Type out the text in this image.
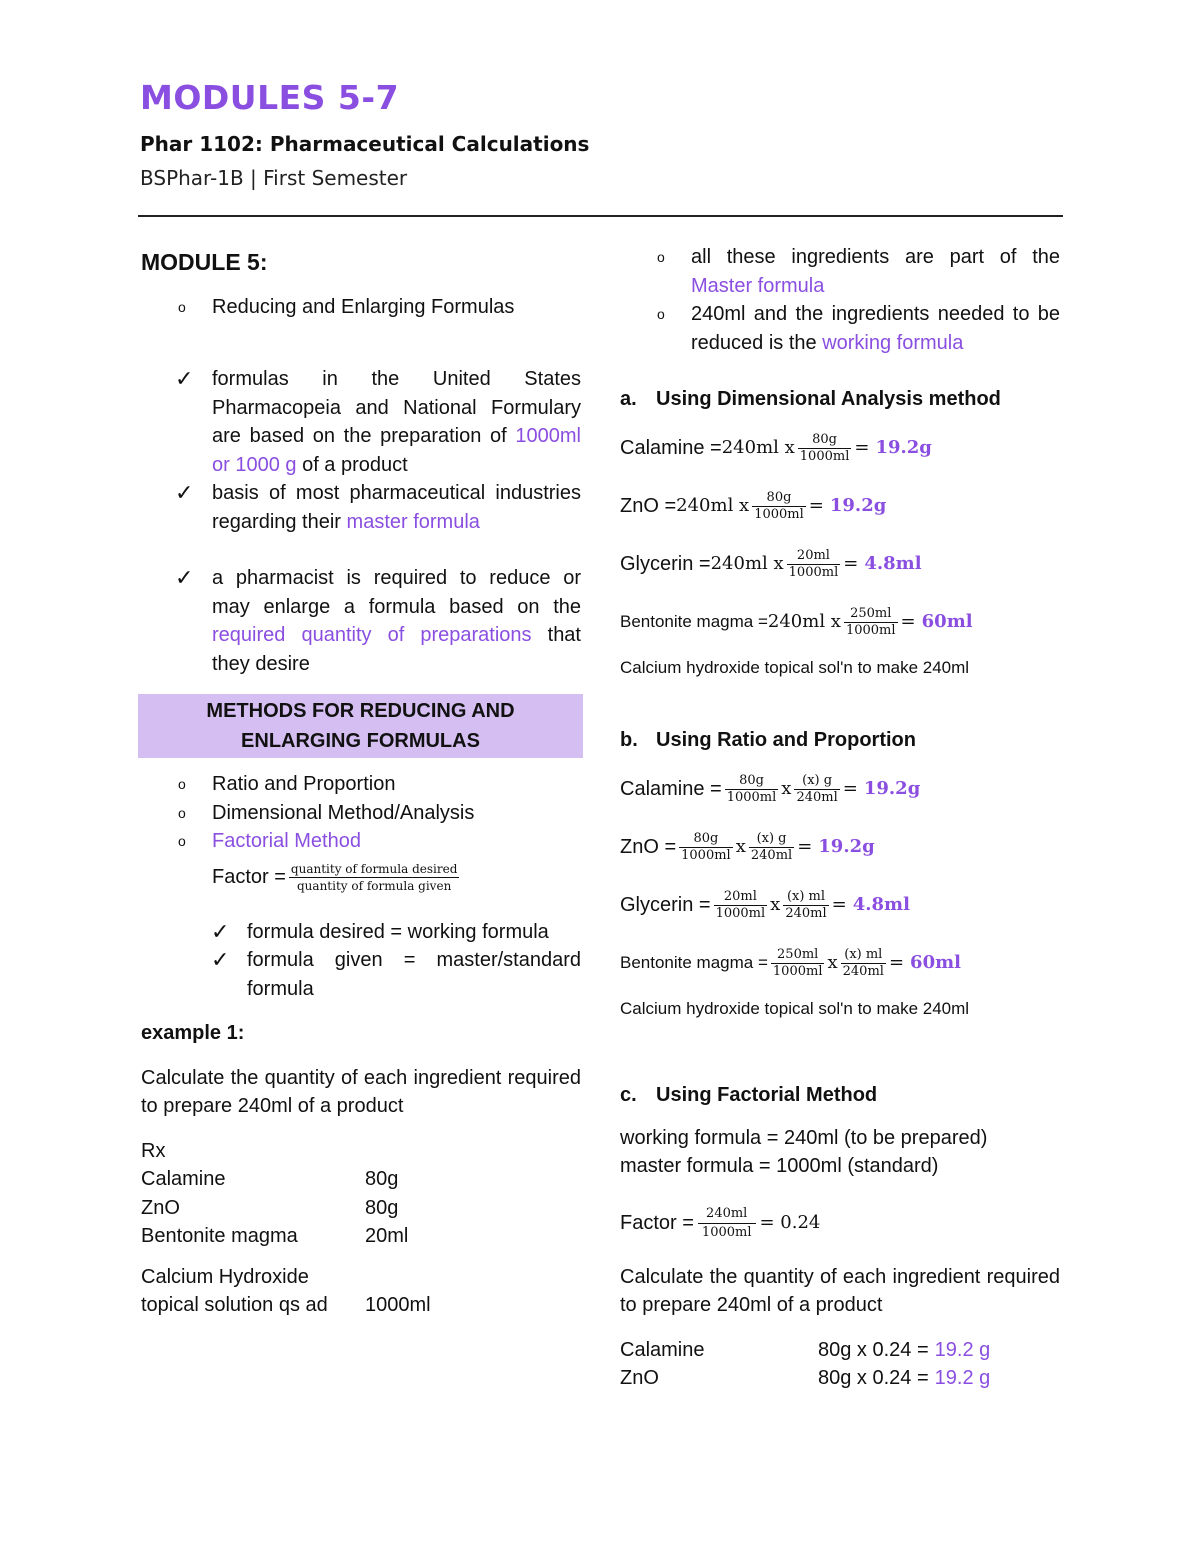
MODULES 5-7
Phar 1102: Pharmaceutical Calculations
BSPhar-1B | First Semester
MODULE 5:
o Reducing and Enlarging Formulas
✓ formulas in the United States Pharmacopeia and National Formulary are based on the preparation of 1000ml or 1000 g of a product
✓ basis of most pharmaceutical industries regarding their master formula
✓ a pharmacist is required to reduce or may enlarge a formula based on the required quantity of preparations that they desire
METHODS FOR REDUCING AND
ENLARGING FORMULAS
o Ratio and Proportion
o Dimensional Method/Analysis
o Factorial Method
Factor = $\frac{\text{quantity of formula desired}}{\text{quantity of formula given}}$
✓ formula desired = working formula
✓ formula given = master/standard formula
example 1:
Calculate the quantity of each ingredient required to prepare 240ml of a product
Rx
Calamine	80g
ZnO	80g
Bentonite magma	20ml
Calcium Hydroxide
topical solution qs ad	1000ml
o all these ingredients are part of the Master formula
o 240ml and the ingredients needed to be reduced is the working formula
a. Using Dimensional Analysis method
Calamine = 240ml x $\frac{80g}{1000ml} = 19.2g$
ZnO = 240ml x $\frac{80g}{1000ml} = 19.2g$
Glycerin = 240ml x $\frac{20ml}{1000ml} = 4.8ml$
Bentonite magma = 240ml x $\frac{250ml}{1000ml} = 60ml$
Calcium hydroxide topical sol'n to make 240ml
b. Using Ratio and Proportion
Calamine = $\frac{80g}{1000ml}$ x $\frac{(x) g}{240ml} = 19.2g$
ZnO = $\frac{80g}{1000ml}$ x $\frac{(x) g}{240ml} = 19.2g$
Glycerin = $\frac{20ml}{1000ml}$ x $\frac{(x) ml}{240ml} = 4.8ml$
Bentonite magma = $\frac{250ml}{1000ml}$ x $\frac{(x) ml}{240ml} = 60ml$
Calcium hydroxide topical sol'n to make 240ml
c. Using Factorial Method
working formula = 240ml (to be prepared)
master formula = 1000ml (standard)
Factor = $\frac{240ml}{1000ml} = 0.24$
Calculate the quantity of each ingredient required to prepare 240ml of a product
Calamine	80g x 0.24 = 19.2 g
ZnO	80g x 0.24 = 19.2 g
